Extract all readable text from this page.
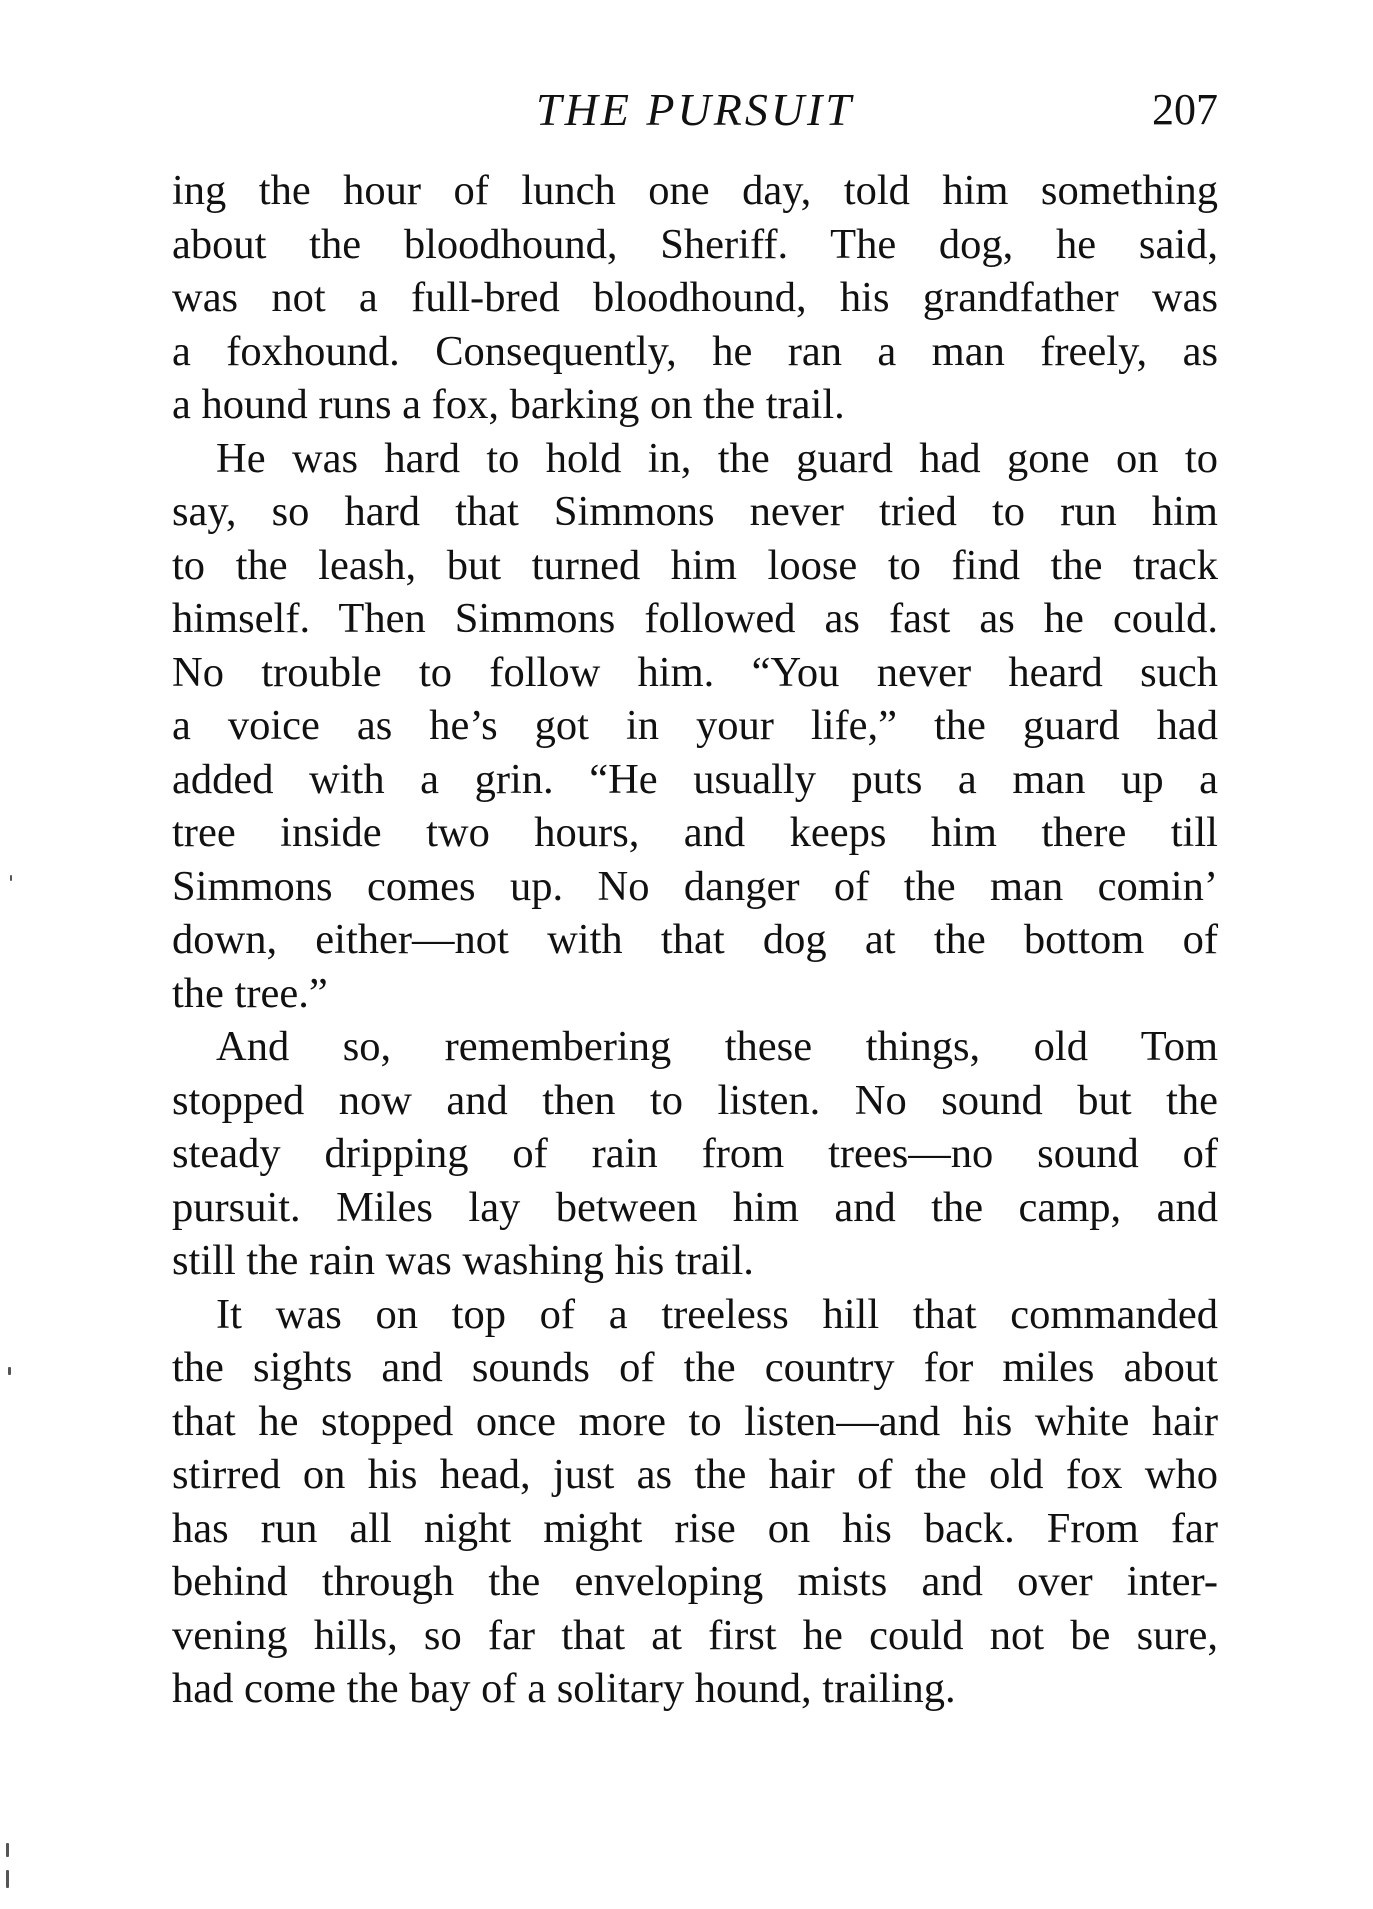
THE PURSUIT	207
ing the hour of lunch one day, told him something
about the bloodhound, Sheriff. The dog, he said,
was not a full-bred bloodhound, his grandfather was
a foxhound. Consequently, he ran a man freely, as
a hound runs a fox, barking on the trail.
He was hard to hold in, the guard had gone on to
say, so hard that Simmons never tried to run him
to the leash, but turned him loose to find the track
himself. Then Simmons followed as fast as he could.
No trouble to follow him. “You never heard such
a voice as he’s got in your life,” the guard had
added with a grin. “He usually puts a man up a
tree inside two hours, and keeps him there till
Simmons comes up. No danger of the man comin’
down, either—not with that dog at the bottom of
the tree.”
And so, remembering these things, old Tom
stopped now and then to listen. No sound but the
steady dripping of rain from trees—no sound of
pursuit. Miles lay between him and the camp, and
still the rain was washing his trail.
It was on top of a treeless hill that commanded
the sights and sounds of the country for miles about
that he stopped once more to listen—and his white hair
stirred on his head, just as the hair of the old fox who
has run all night might rise on his back. From far
behind through the enveloping mists and over inter-
vening hills, so far that at first he could not be sure,
had come the bay of a solitary hound, trailing.
